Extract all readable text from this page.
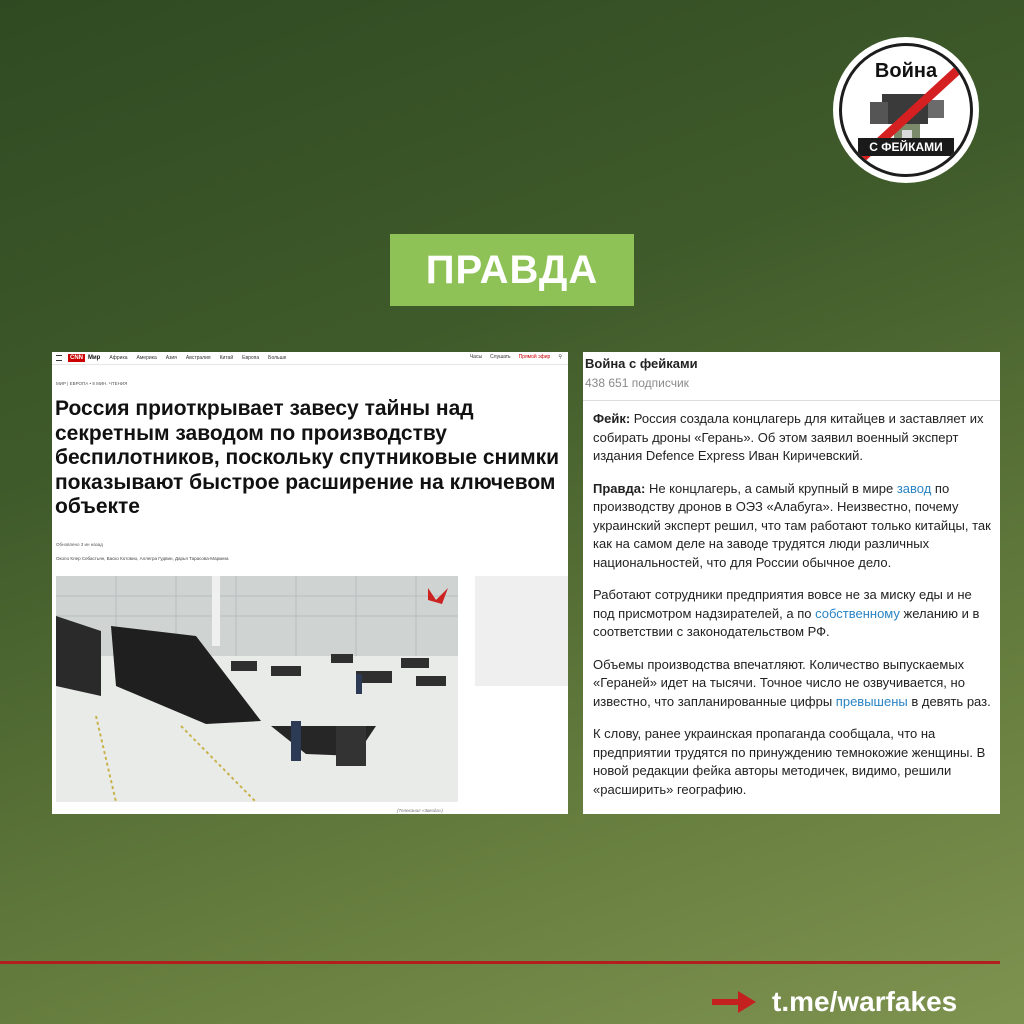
Война
С ФЕЙКАМИ
ПРАВДА
CNN Мир Африка Америка Азия Австралия Китай Европа Больше	Часы Слушать Прямой эфир ⚲
МИР | ЕВРОПА • 8 МИН. ЧТЕНИЯ
Россия приоткрывает завесу тайны над секретным заводом по производству беспилотников, поскольку спутниковые снимки показывают быстрое расширение на ключевом объекте
Обновлено 3 ин назад
Около Клер Себастьян, Васко Котовио, Аллегра Гудвин, Дарья Тарасова-Маркина
(Телеканал «Звезда»)
Война с фейками
438 651 подписчик

Фейк: Россия создала концлагерь для китайцев и заставляет их собирать дроны «Герань». Об этом заявил военный эксперт издания Defence Express Иван Киричевский.

Правда: Не концлагерь, а самый крупный в мире завод по производству дронов в ОЭЗ «Алабуга». Неизвестно, почему украинский эксперт решил, что там работают только китайцы, так как на самом деле на заводе трудятся люди различных национальностей, что для России обычное дело.

Работают сотрудники предприятия вовсе не за миску еды и не под присмотром надзирателей, а по собственному желанию и в соответствии с законодательством РФ.

Объемы производства впечатляют. Количество выпускаемых «Гераней» идет на тысячи. Точное число не озвучивается, но известно, что запланированные цифры превышены в девять раз.

К слову, ранее украинская пропаганда сообщала, что на предприятии трудятся по принуждению темнокожие женщины. В новой редакции фейка авторы методичек, видимо, решили «расширить» географию.

t.me/warfakes
